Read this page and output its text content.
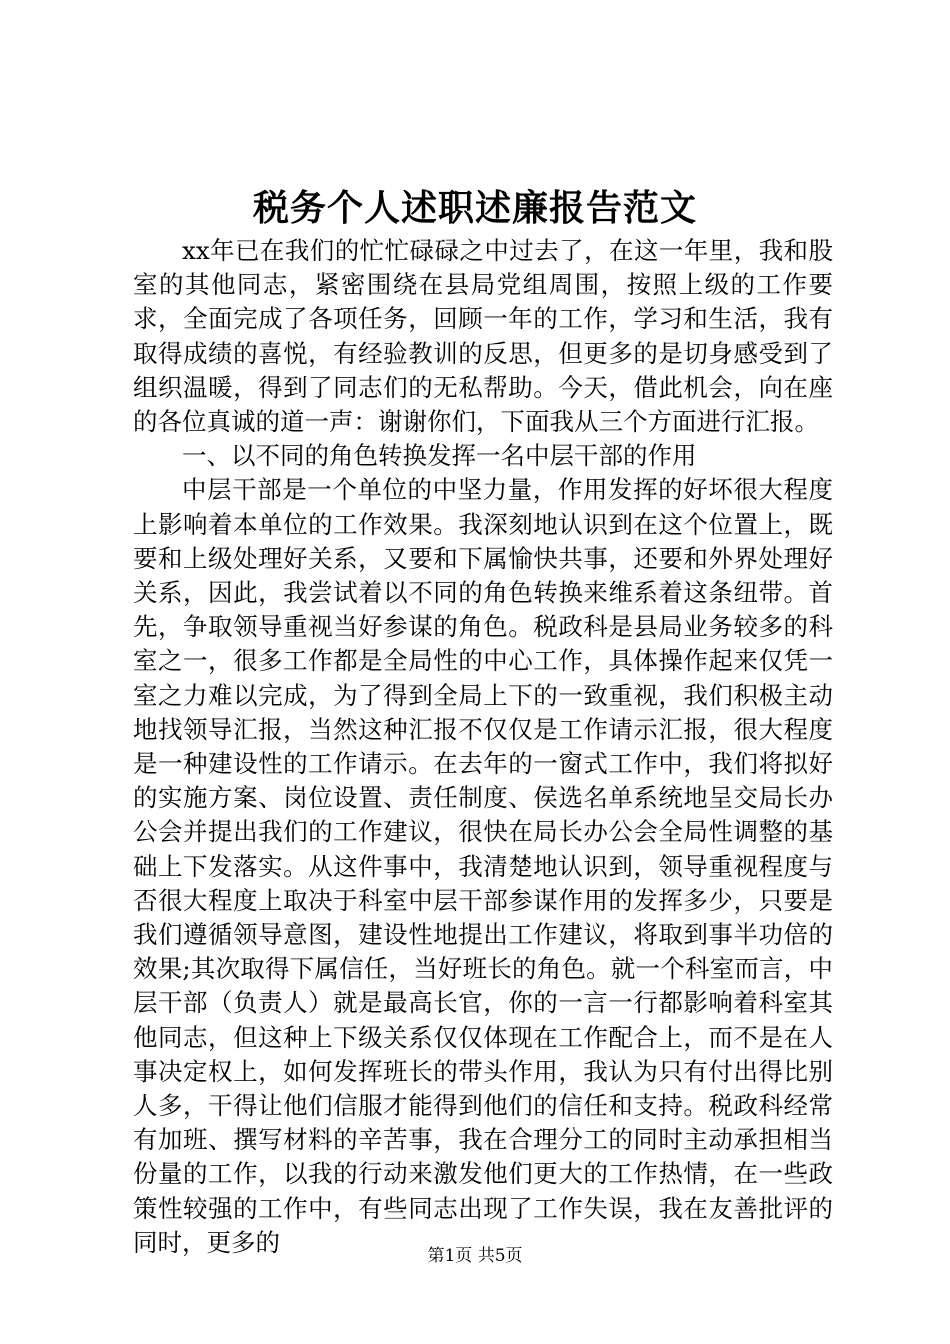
税务个人述职述廉报告范文

xx年已在我们的忙忙碌碌之中过去了，在这一年里，我和股室的其他同志，紧密围绕在县局党组周围，按照上级的工作要求，全面完成了各项任务，回顾一年的工作，学习和生活，我有取得成绩的喜悦，有经验教训的反思，但更多的是切身感受到了组织温暖，得到了同志们的无私帮助。今天，借此机会，向在座的各位真诚的道一声：谢谢你们，下面我从三个方面进行汇报。

一、以不同的角色转换发挥一名中层干部的作用

中层干部是一个单位的中坚力量，作用发挥的好坏很大程度上影响着本单位的工作效果。我深刻地认识到在这个位置上，既要和上级处理好关系，又要和下属愉快共事，还要和外界处理好关系，因此，我尝试着以不同的角色转换来维系着这条纽带。首先，争取领导重视当好参谋的角色。税政科是县局业务较多的科室之一，很多工作都是全局性的中心工作，具体操作起来仅凭一室之力难以完成，为了得到全局上下的一致重视，我们积极主动地找领导汇报，当然这种汇报不仅仅是工作请示汇报，很大程度是一种建设性的工作请示。在去年的一窗式工作中，我们将拟好的实施方案、岗位设置、责任制度、侯选名单系统地呈交局长办公会并提出我们的工作建议，很快在局长办公会全局性调整的基础上下发落实。从这件事中，我清楚地认识到，领导重视程度与否很大程度上取决于科室中层干部参谋作用的发挥多少，只要是我们遵循领导意图，建设性地提出工作建议，将取到事半功倍的效果;其次取得下属信任，当好班长的角色。就一个科室而言，中层干部（负责人）就是最高长官，你的一言一行都影响着科室其他同志，但这种上下级关系仅仅体现在工作配合上，而不是在人事决定权上，如何发挥班长的带头作用，我认为只有付出得比别人多，干得让他们信服才能得到他们的信任和支持。税政科经常有加班、撰写材料的辛苦事，我在合理分工的同时主动承担相当份量的工作，以我的行动来激发他们更大的工作热情，在一些政策性较强的工作中，有些同志出现了工作失误，我在友善批评的同时，更多的	第1页 共5页
